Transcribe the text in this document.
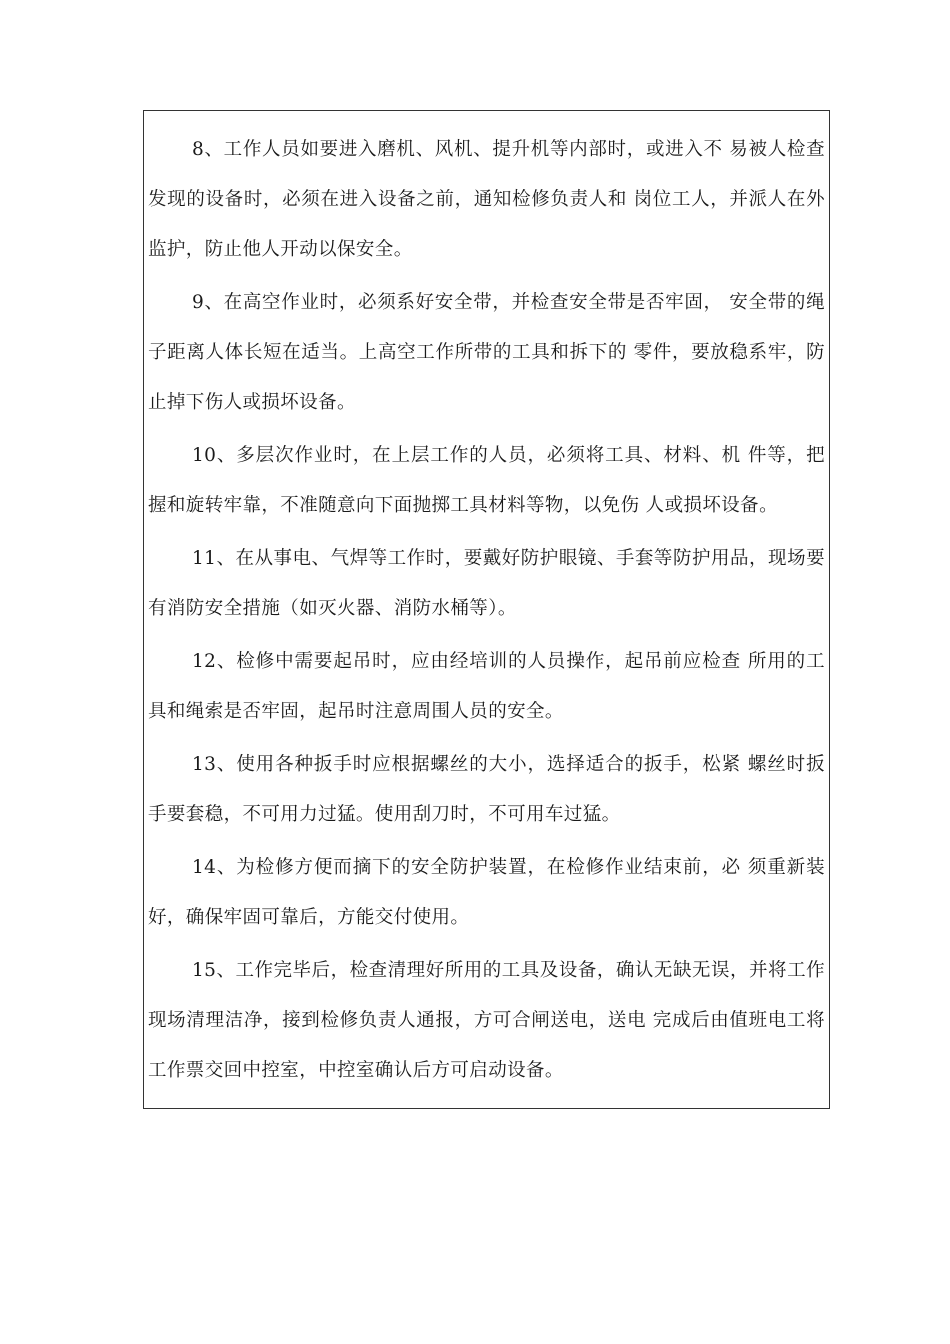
8、工作人员如要进入磨机、风机、提升机等内部时，或进入不 易被人检查发现的设备时，必须在进入设备之前，通知检修负责人和 岗位工人，并派人在外监护，防止他人开动以保安全。

9、在高空作业时，必须系好安全带，并检查安全带是否牢固， 安全带的绳子距离人体长短在适当。上高空工作所带的工具和拆下的 零件，要放稳系牢，防止掉下伤人或损坏设备。

10、多层次作业时，在上层工作的人员，必须将工具、材料、机 件等，把握和旋转牢靠，不准随意向下面抛掷工具材料等物，以免伤 人或损坏设备。

11、在从事电、气焊等工作时，要戴好防护眼镜、手套等防护用品，现场要有消防安全措施（如灭火器、消防水桶等）。

12、检修中需要起吊时，应由经培训的人员操作，起吊前应检查 所用的工具和绳索是否牢固，起吊时注意周围人员的安全。

13、使用各种扳手时应根据螺丝的大小，选择适合的扳手，松紧 螺丝时扳手要套稳，不可用力过猛。使用刮刀时，不可用车过猛。

14、为检修方便而摘下的安全防护装置，在检修作业结束前，必 须重新装好，确保牢固可靠后，方能交付使用。

15、工作完毕后，检查清理好所用的工具及设备，确认无缺无误，并将工作现场清理洁净，接到检修负责人通报，方可合闸送电，送电 完成后由值班电工将工作票交回中控室，中控室确认后方可启动设备。
